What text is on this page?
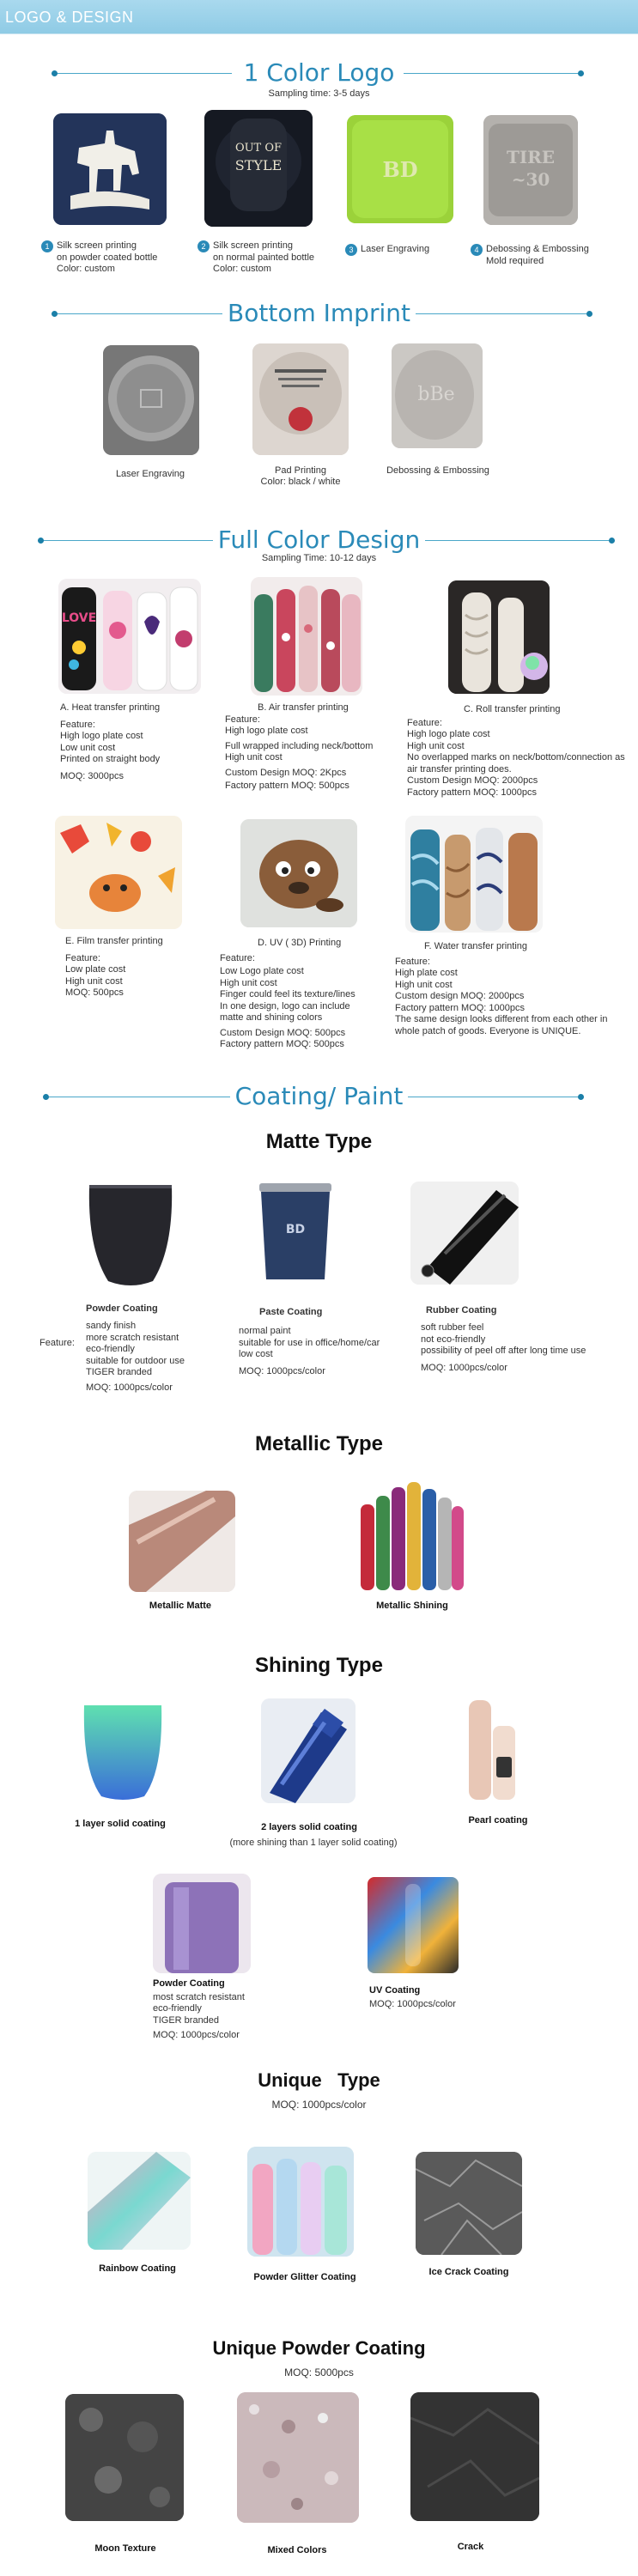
LOGO & DESIGN
1 Color Logo
Sampling time: 3-5 days
OUT OF
STYLE	BD	TIRE
~30
1 Silk screen printing
on powder coated bottle
Color: custom
2 Silk screen printing
on normal painted bottle
Color: custom
3 Laser Engraving	4 Debossing & Embossing
Mold required
Bottom Imprint
bBe
Laser Engraving	Pad Printing
Color: black / white
Debossing & Embossing
Full Color Design
Sampling Time: 10-12 days
LOVE
A. Heat transfer printing
Feature:
High logo plate cost
Low unit cost
Printed on straight body
MOQ: 3000pcs
B. Air transfer printing
Feature:
High logo plate cost
Full wrapped including neck/bottom
High unit cost
Custom Design MOQ: 2Kpcs
Factory pattern MOQ: 500pcs
C. Roll transfer printing
Feature:
High logo plate cost
High unit cost
No overlapped marks on neck/bottom/connection as
air transfer printing does.
Custom Design MOQ: 2000pcs
Factory pattern MOQ: 1000pcs
E. Film transfer printing
Feature:
Low plate cost
High unit cost
MOQ: 500pcs
D. UV ( 3D) Printing
Feature:
Low Logo plate cost
High unit cost
Finger could feel its texture/lines
In one design, logo can include
matte and shining colors
Custom Design MOQ: 500pcs
Factory pattern MOQ: 500pcs
F. Water transfer printing
Feature:
High plate cost
High unit cost
Custom design MOQ: 2000pcs
Factory pattern MOQ: 1000pcs
The same design looks different from each other in
whole patch of goods. Everyone is UNIQUE.
Coating/ Paint
Matte Type
BD
Powder Coating
Feature:
sandy finish
more scratch resistant
eco-friendly
suitable for outdoor use
TIGER branded
MOQ: 1000pcs/color
Paste Coating
normal paint
suitable for use in office/home/car
low cost
MOQ: 1000pcs/color
Rubber Coating
soft rubber feel
not eco-friendly
possibility of peel off after long time use
MOQ: 1000pcs/color
Metallic Type
Metallic Matte	Metallic Shining
Shining Type
1 layer solid coating	2 layers solid coating
(more shining than 1 layer solid coating)
Pearl coating
Powder Coating
most scratch resistant
eco-friendly
TIGER branded
MOQ: 1000pcs/color
UV Coating
MOQ: 1000pcs/color
Unique   Type
MOQ: 1000pcs/color
Rainbow Coating
Powder Glitter Coating	Ice Crack Coating
Unique Powder Coating
MOQ: 5000pcs
Moon Texture	Mixed Colors	Crack
